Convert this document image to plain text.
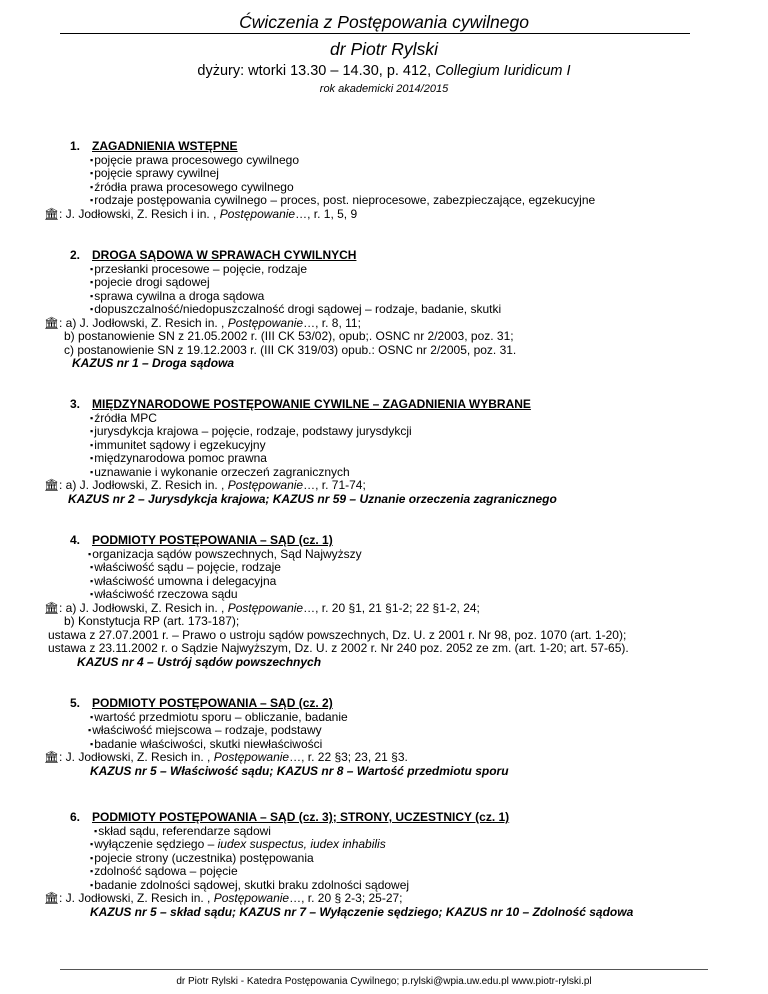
Ćwiczenia z Postępowania cywilnego
dr Piotr Rylski
dyżury: wtorki 13.30 – 14.30, p. 412, Collegium Iuridicum I
rok akademicki 2014/2015
1. ZAGADNIENIA WSTĘPNE
▪pojęcie prawa procesowego cywilnego
▪pojęcie sprawy cywilnej
▪źródła prawa procesowego cywilnego
▪rodzaje postępowania cywilnego – proces, post. nieprocesowe, zabezpieczające, egzekucyjne
🏛 : J. Jodłowski, Z. Resich i in. , Postępowanie…, r. 1, 5, 9
2. DROGA SĄDOWA W SPRAWACH CYWILNYCH
▪przesłanki procesowe – pojęcie, rodzaje
▪pojecie drogi sądowej
▪sprawa cywilna a droga sądowa
▪dopuszczalność/niedopuszczalność drogi sądowej – rodzaje, badanie, skutki
🏛 : a) J. Jodłowski, Z. Resich in. , Postępowanie…, r. 8, 11;
b) postanowienie SN z 21.05.2002 r. (III CK 53/02), opub;. OSNC nr 2/2003, poz. 31;
c) postanowienie SN z 19.12.2003 r. (III CK 319/03) opub.: OSNC nr 2/2005, poz. 31.
KAZUS nr 1 – Droga sądowa
3. MIĘDZYNARODOWE POSTĘPOWANIE CYWILNE – ZAGADNIENIA WYBRANE
▪źródła MPC
▪jurysdykcja krajowa – pojęcie, rodzaje, podstawy jurysdykcji
▪immunitet sądowy i egzekucyjny
▪międzynarodowa pomoc prawna
▪uznawanie i wykonanie orzeczeń zagranicznych
🏛 : a) J. Jodłowski, Z. Resich in. , Postępowanie…, r. 71-74;
KAZUS nr 2 – Jurysdykcja krajowa; KAZUS nr 59 – Uznanie orzeczenia zagranicznego
4. PODMIOTY POSTĘPOWANIA – SĄD (cz. 1)
▪organizacja sądów powszechnych, Sąd Najwyższy
▪właściwość sądu – pojęcie, rodzaje
▪właściwość umowna i delegacyjna
▪właściwość rzeczowa sądu
🏛 : a) J. Jodłowski, Z. Resich in. , Postępowanie…, r. 20 §1, 21 §1-2; 22 §1-2, 24;
b) Konstytucja RP (art. 173-187);
ustawa z 27.07.2001 r. – Prawo o ustroju sądów powszechnych, Dz. U. z 2001 r. Nr 98, poz. 1070 (art. 1-20);
ustawa z 23.11.2002 r. o Sądzie Najwyższym, Dz. U. z 2002 r. Nr 240 poz. 2052 ze zm. (art. 1-20; art. 57-65).
KAZUS nr 4 – Ustrój sądów powszechnych
5. PODMIOTY POSTĘPOWANIA – SĄD (cz. 2)
▪wartość przedmiotu sporu – obliczanie, badanie
▪właściwość miejscowa – rodzaje, podstawy
▪badanie właściwości, skutki niewłaściwości
🏛 : J. Jodłowski, Z. Resich in. , Postępowanie…, r. 22 §3; 23, 21 §3.
KAZUS nr 5 – Właściwość sądu; KAZUS nr 8 – Wartość przedmiotu sporu
6. PODMIOTY POSTĘPOWANIA – SĄD (cz. 3); STRONY, UCZESTNICY (cz. 1)
▪skład sądu, referendarze sądowi
▪wyłączenie sędziego – iudex suspectus, iudex inhabilis
▪pojecie strony (uczestnika) postępowania
▪zdolność sądowa – pojęcie
▪badanie zdolności sądowej, skutki braku zdolności sądowej
🏛 : J. Jodłowski, Z. Resich in. , Postępowanie…, r. 20 § 2-3; 25-27;
KAZUS nr 5 – skład sądu; KAZUS nr 7 – Wyłączenie sędziego; KAZUS nr 10 – Zdolność sądowa
dr Piotr Rylski - Katedra Postępowania Cywilnego; p.rylski@wpia.uw.edu.pl www.piotr-rylski.pl
